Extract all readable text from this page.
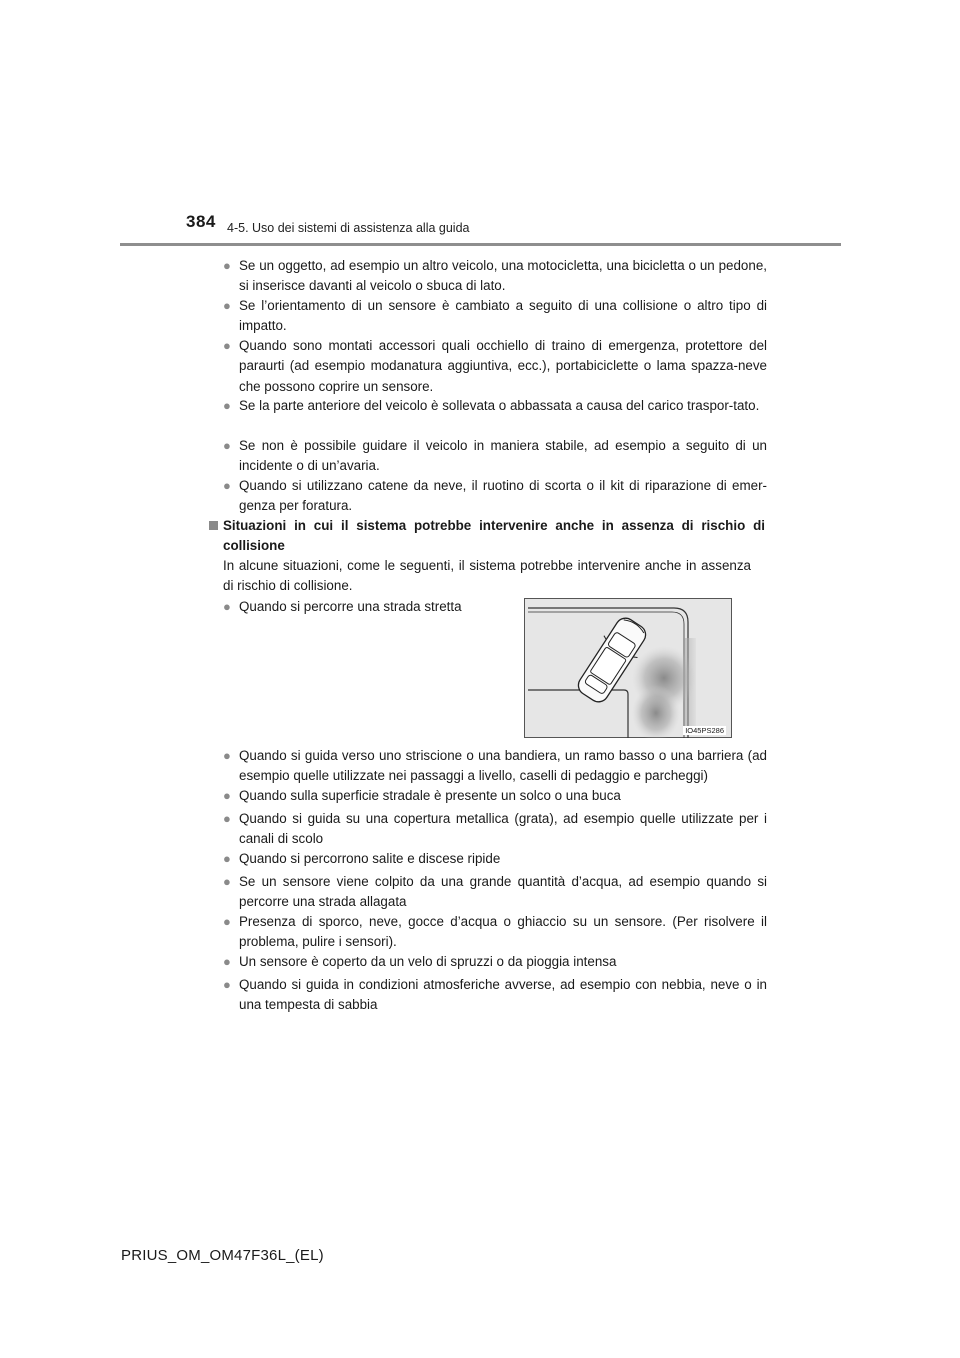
384 4-5. Uso dei sistemi di assistenza alla guida
● Se un oggetto, ad esempio un altro veicolo, una motocicletta, una bicicletta o un pedone, si inserisce davanti al veicolo o sbuca di lato.
● Se l’orientamento di un sensore è cambiato a seguito di una collisione o altro tipo di impatto.
● Quando sono montati accessori quali occhiello di traino di emergenza, protettore del paraurti (ad esempio modanatura aggiuntiva, ecc.), portabiciclette o lama spazza-neve che possono coprire un sensore.
● Se la parte anteriore del veicolo è sollevata o abbassata a causa del carico traspor-tato.
● Se non è possibile guidare il veicolo in maniera stabile, ad esempio a seguito di un incidente o di un’avaria.
● Quando si utilizzano catene da neve, il ruotino di scorta o il kit di riparazione di emer-genza per foratura.
Situazioni in cui il sistema potrebbe intervenire anche in assenza di rischio di collisione
In alcune situazioni, come le seguenti, il sistema potrebbe intervenire anche in assenza di rischio di collisione.
● Quando si percorre una strada stretta
IO45PS286
● Quando si guida verso uno striscione o una bandiera, un ramo basso o una barriera (ad esempio quelle utilizzate nei passaggi a livello, caselli di pedaggio e parcheggi)
● Quando sulla superficie stradale è presente un solco o una buca
● Quando si guida su una copertura metallica (grata), ad esempio quelle utilizzate per i canali di scolo
● Quando si percorrono salite e discese ripide
● Se un sensore viene colpito da una grande quantità d’acqua, ad esempio quando si percorre una strada allagata
● Presenza di sporco, neve, gocce d’acqua o ghiaccio su un sensore. (Per risolvere il problema, pulire i sensori).
● Un sensore è coperto da un velo di spruzzi o da pioggia intensa
● Quando si guida in condizioni atmosferiche avverse, ad esempio con nebbia, neve o in una tempesta di sabbia
PRIUS_OM_OM47F36L_(EL)
